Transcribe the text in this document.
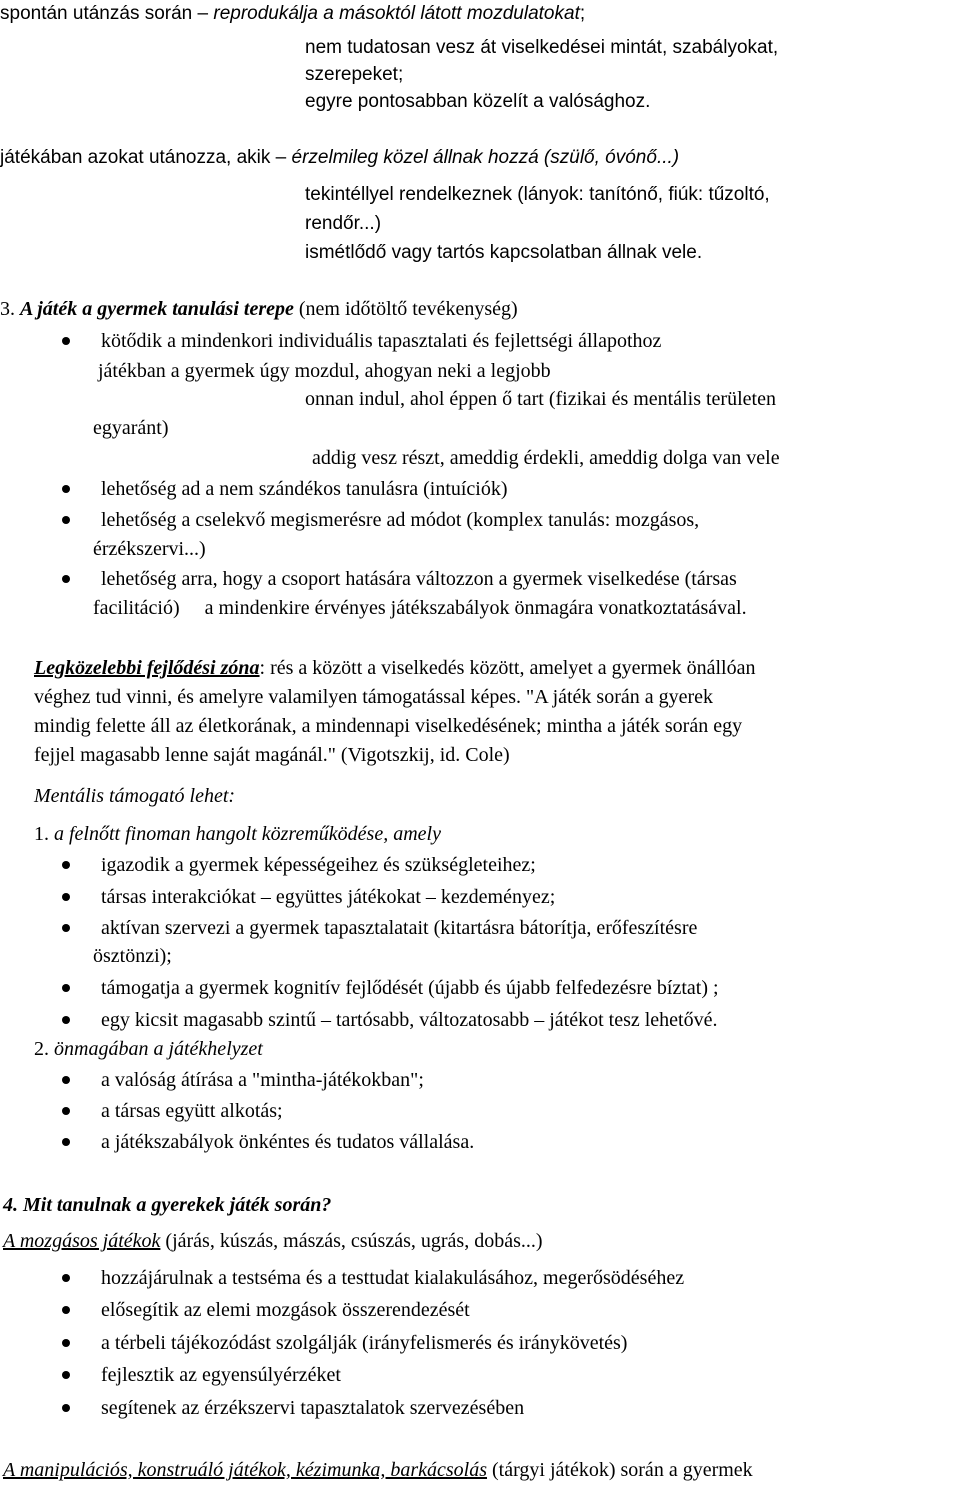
spontán utánzás során – reprodukálja a másoktól látott mozdulatokat;
nem tudatosan vesz át viselkedései mintát, szabályokat,
szerepeket;
egyre pontosabban közelít a valósághoz.
játékában azokat utánozza, akik – érzelmileg közel állnak hozzá (szülő, óvónő...)
tekintéllyel rendelkeznek (lányok: tanítónő, fiúk: tűzoltó,
rendőr...)
ismétlődő vagy tartós kapcsolatban állnak vele.
3. A játék a gyermek tanulási terepe (nem időtöltő tevékenység)
kötődik a mindenkori individuális tapasztalati és fejlettségi állapothoz
játékban a gyermek úgy mozdul, ahogyan neki a legjobb
onnan indul, ahol éppen ő tart (fizikai és mentális területen
egyaránt)
addig vesz részt, ameddig érdekli, ameddig dolga van vele
lehetőség ad a nem szándékos tanulásra (intuíciók)
lehetőség a cselekvő megismerésre ad módot (komplex tanulás: mozgásos,
érzékszervi...)
lehetőség arra, hogy a csoport hatására változzon a gyermek viselkedése (társas
facilitáció)     a mindenkire érvényes játékszabályok önmagára vonatkoztatásával.
Legközelebbi fejlődési zóna: rés a között a viselkedés között, amelyet a gyermek önállóan
véghez tud vinni, és amelyre valamilyen támogatással képes. "A játék során a gyerek
mindig felette áll az életkorának, a mindennapi viselkedésének; mintha a játék során egy
fejjel magasabb lenne saját magánál." (Vigotszkij, id. Cole)
Mentális támogató lehet:
1. a felnőtt finoman hangolt közreműködése, amely
igazodik a gyermek képességeihez és szükségleteihez;
társas interakciókat – együttes játékokat – kezdeményez;
aktívan szervezi a gyermek tapasztalatait (kitartásra bátorítja, erőfeszítésre
ösztönzi);
támogatja a gyermek kognitív fejlődését (újabb és újabb felfedezésre bíztat) ;
egy kicsit magasabb szintű – tartósabb, változatosabb – játékot tesz lehetővé.
2. önmagában a játékhelyzet
a valóság átírása a "mintha-játékokban";
a társas együtt alkotás;
a játékszabályok önkéntes és tudatos vállalása.
4. Mit tanulnak a gyerekek játék során?
A mozgásos játékok (járás, kúszás, mászás, csúszás, ugrás, dobás...)
hozzájárulnak a testséma és a testtudat kialakulásához, megerősödéséhez
elősegítik az elemi mozgások összerendezését
a térbeli tájékozódást szolgálják (irányfelismerés és iránykövetés)
fejlesztik az egyensúlyérzéket
segítenek az érzékszervi tapasztalatok szervezésében
A manipulációs, konstruáló játékok, kézimunka, barkácsolás (tárgyi játékok) során a gyermek
